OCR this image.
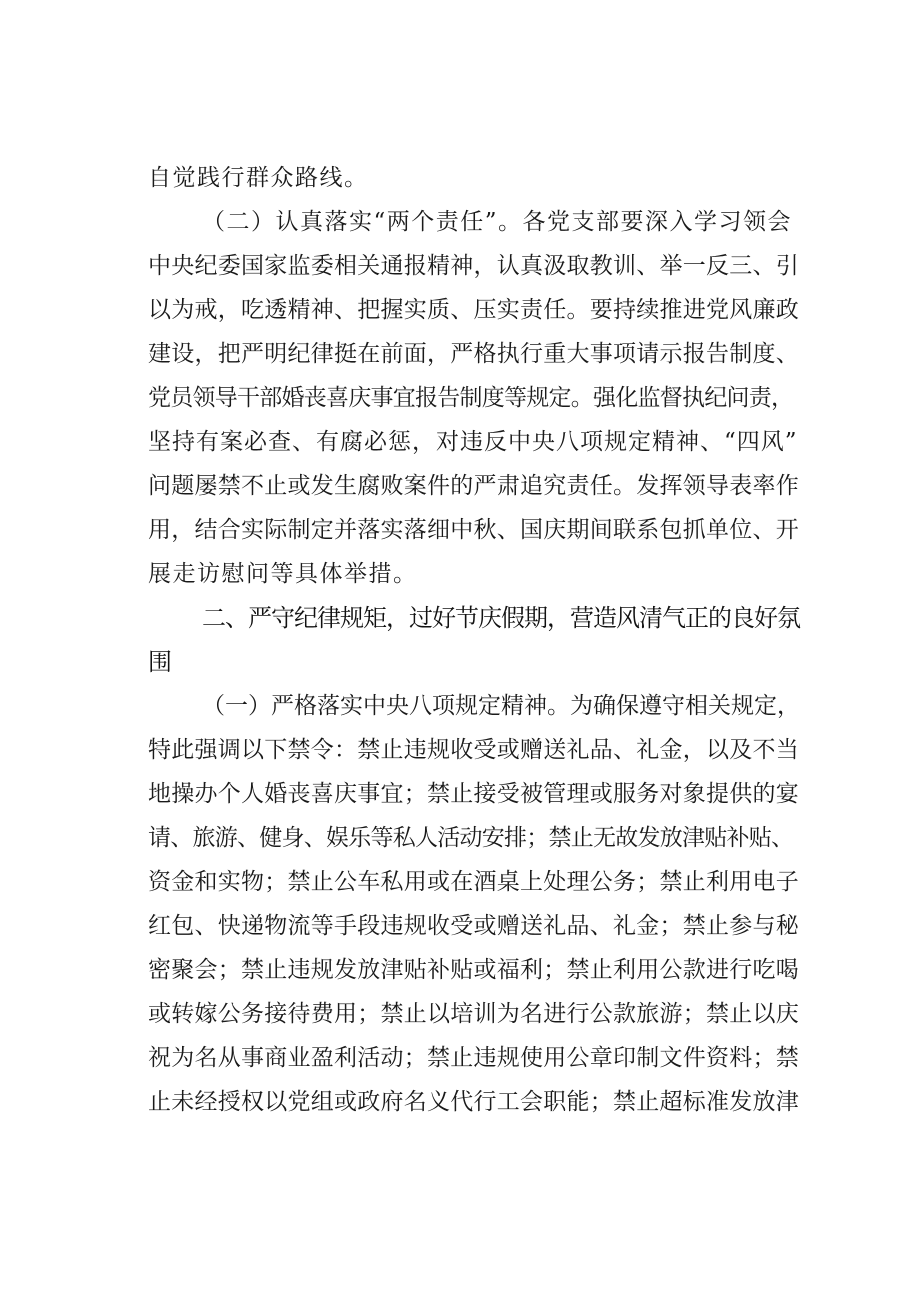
自觉践行群众路线。
（二）认真落实“两个责任”。各党支部要深入学习领会
中央纪委国家监委相关通报精神，认真汲取教训、举一反三、引
以为戒，吃透精神、把握实质、压实责任。要持续推进党风廉政
建设，把严明纪律挺在前面，严格执行重大事项请示报告制度、
党员领导干部婚丧喜庆事宜报告制度等规定。强化监督执纪问责，
坚持有案必查、有腐必惩，对违反中央八项规定精神、“四风”
问题屡禁不止或发生腐败案件的严肃追究责任。发挥领导表率作
用，结合实际制定并落实落细中秋、国庆期间联系包抓单位、开
展走访慰问等具体举措。
二、严守纪律规矩，过好节庆假期，营造风清气正的良好氛
围
（一）严格落实中央八项规定精神。为确保遵守相关规定，
特此强调以下禁令：禁止违规收受或赠送礼品、礼金，以及不当
地操办个人婚丧喜庆事宜；禁止接受被管理或服务对象提供的宴
请、旅游、健身、娱乐等私人活动安排；禁止无故发放津贴补贴、
资金和实物；禁止公车私用或在酒桌上处理公务；禁止利用电子
红包、快递物流等手段违规收受或赠送礼品、礼金；禁止参与秘
密聚会；禁止违规发放津贴补贴或福利；禁止利用公款进行吃喝
或转嫁公务接待费用；禁止以培训为名进行公款旅游；禁止以庆
祝为名从事商业盈利活动；禁止违规使用公章印制文件资料；禁
止未经授权以党组或政府名义代行工会职能；禁止超标准发放津
